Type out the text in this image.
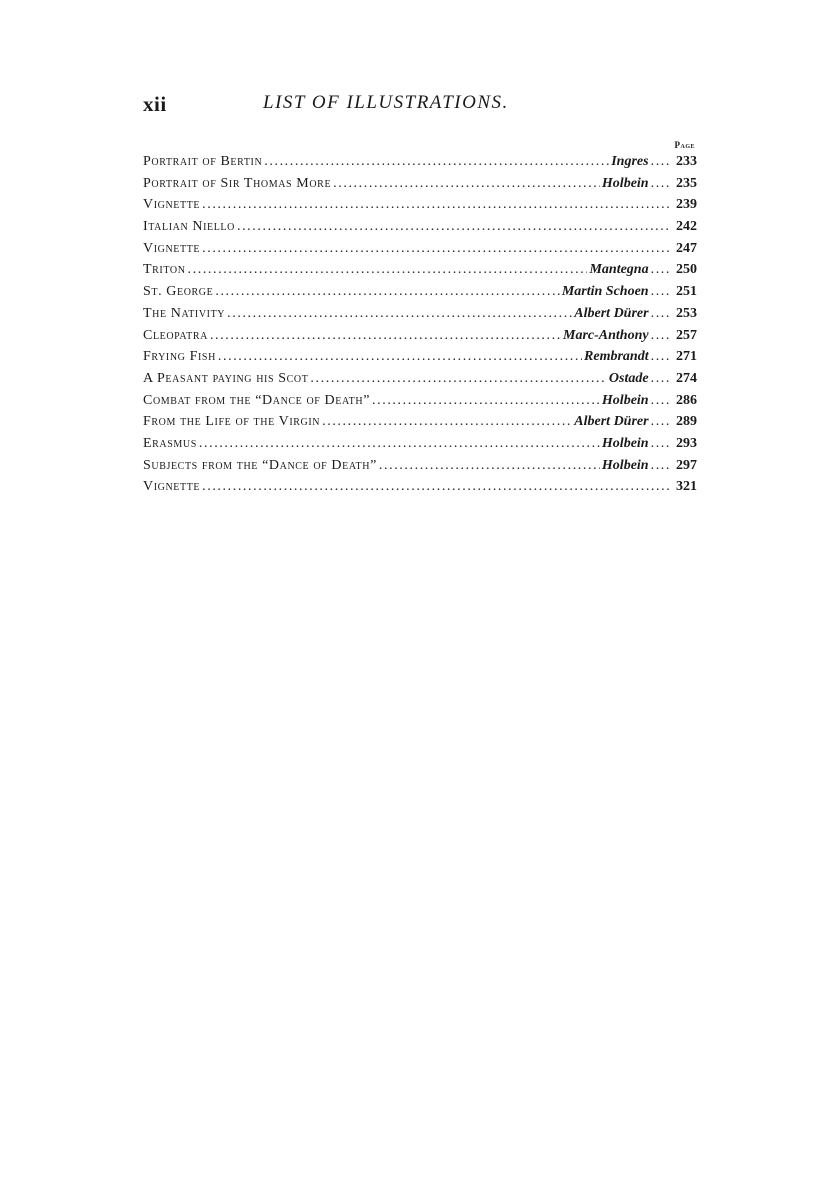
xii	LIST OF ILLUSTRATIONS.
Page
Portrait of Bertin .....	Ingres .... 233
Portrait of Sir Thomas More .....	Holbein .... 235
Vignette .....	239
Italian Niello .....	242
Vignette .....	247
Triton .....	Mantegna .... 250
St. George .....	Martin Schoen .... 251
The Nativity .....	Albert Dürer .... 253
Cleopatra .....	Marc-Anthony .... 257
Frying Fish .....	Rembrandt .... 271
A Peasant paying his Scot .....	Ostade .... 274
Combat from the “Dance of Death” .....	Holbein .... 286
From the Life of the Virgin .....	Albert Dürer .... 289
Erasmus .....	Holbein .... 293
Subjects from the “Dance of Death” .....	Holbein .... 297
Vignette .....	321
